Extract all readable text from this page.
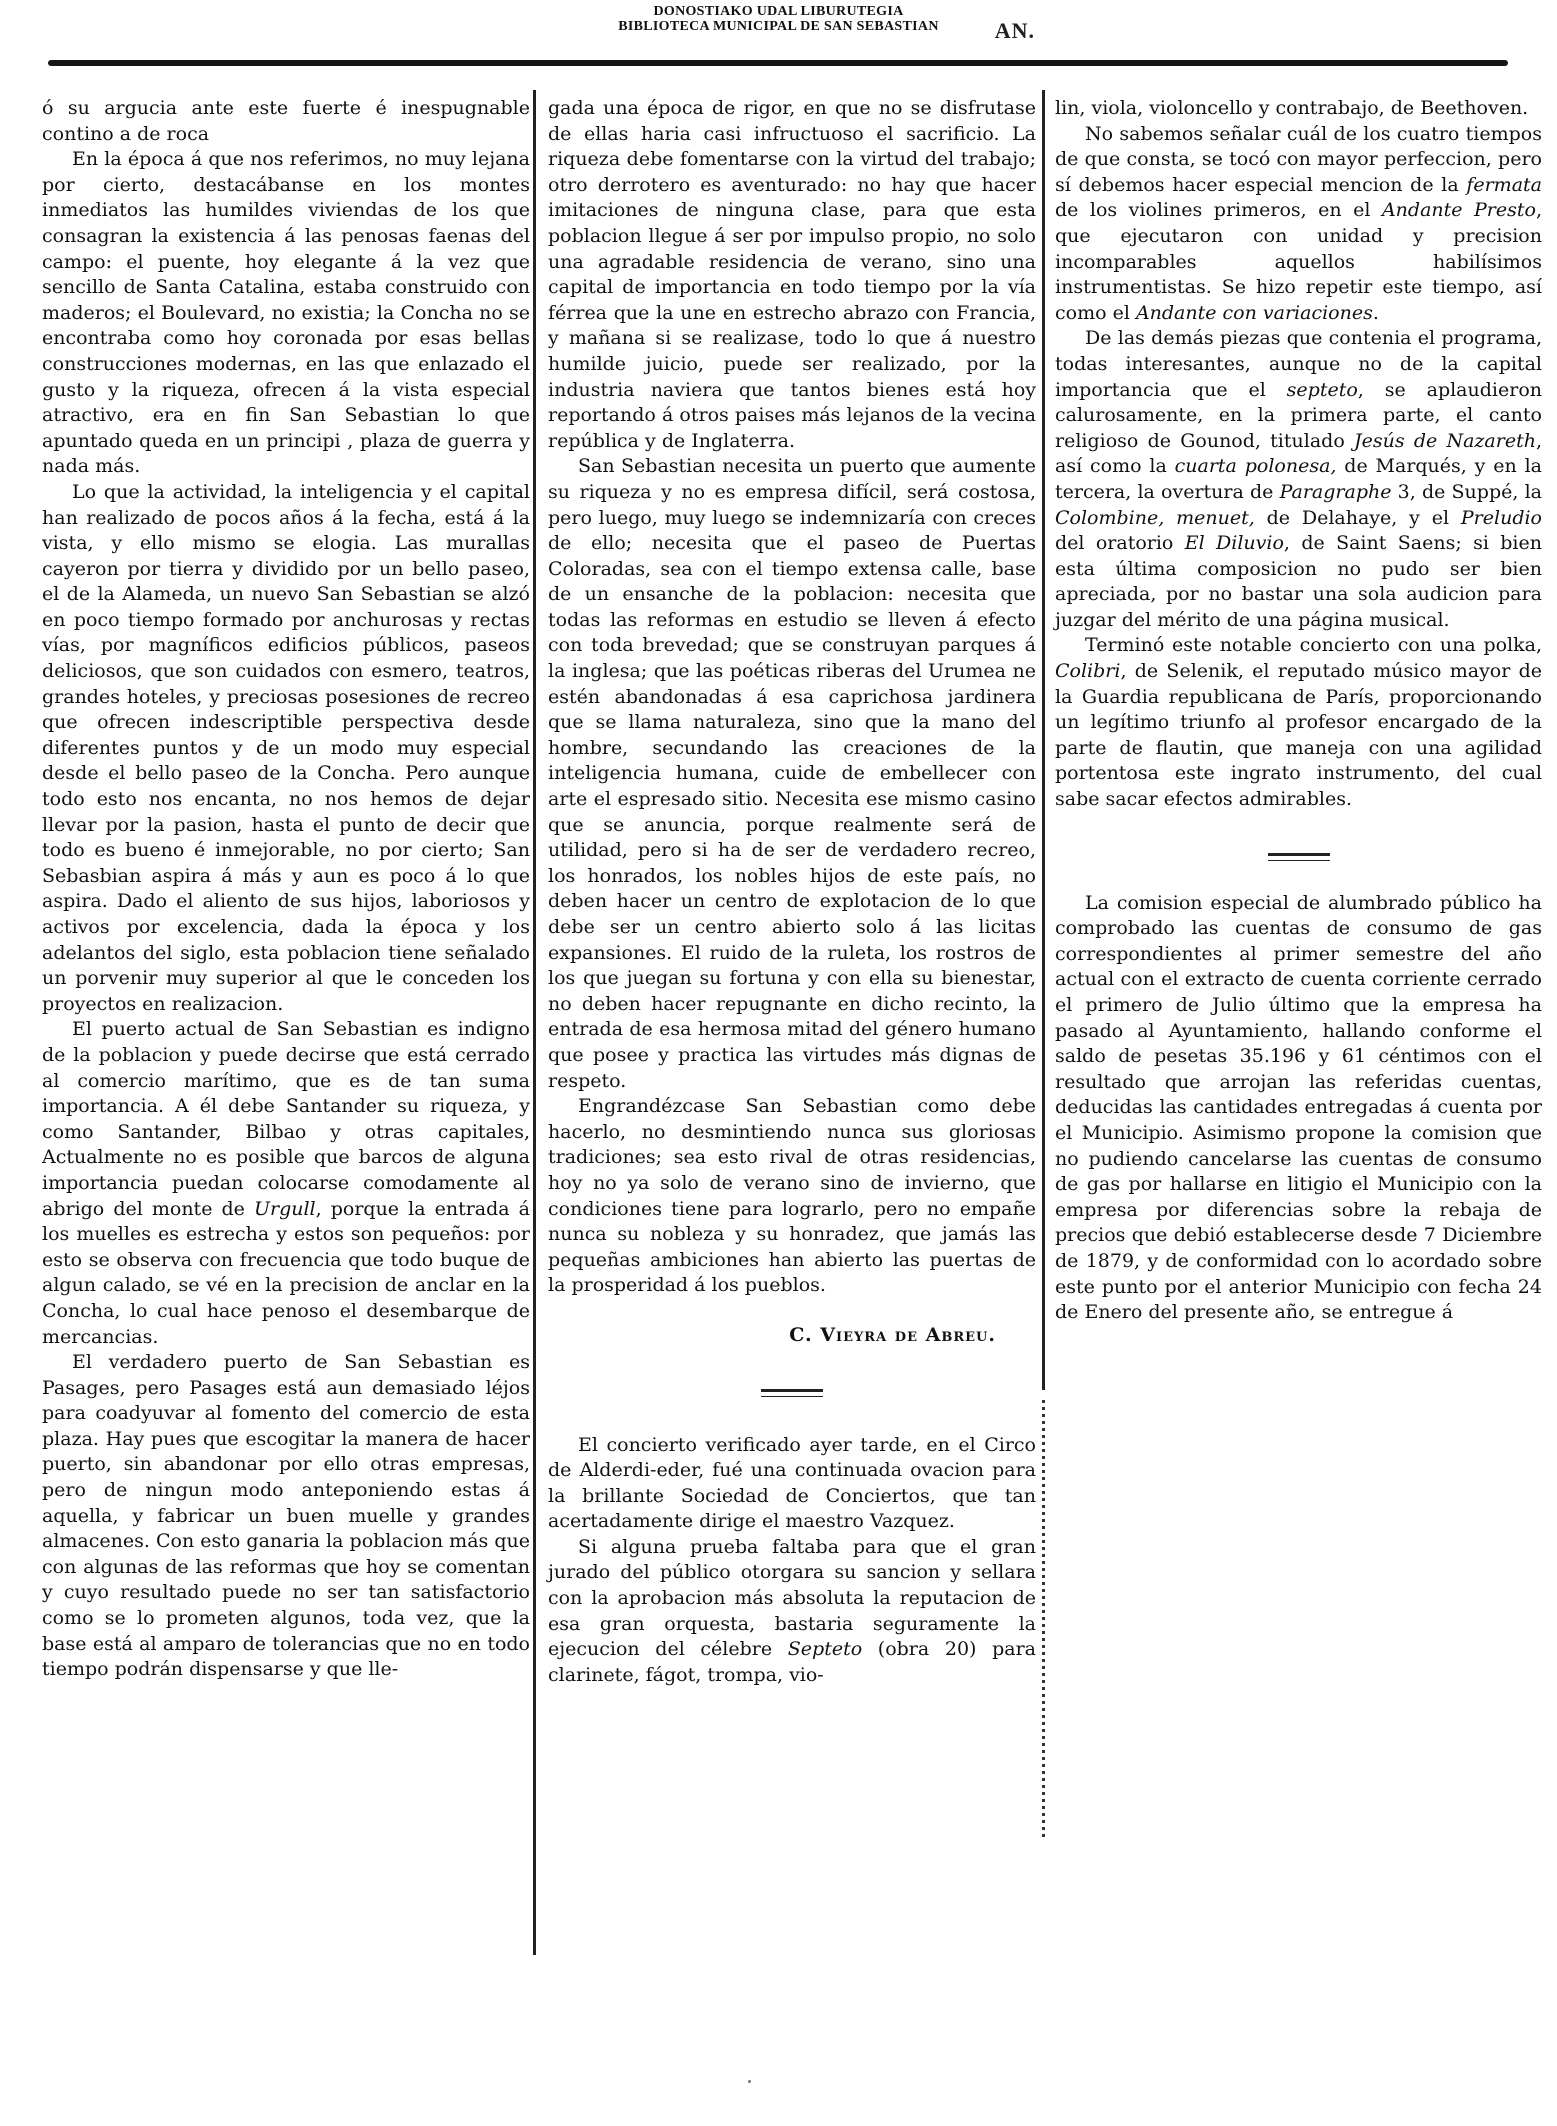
DONOSTIAKO UDAL LIBURUTEGIA
BIBLIOTECA MUNICIPAL DE SAN SEBASTIAN	AN.

ó su argucia ante este fuerte é inespugnable contino a de roca

En la época á que nos referimos, no muy lejana por cierto, destacábanse en los montes inmediatos las humildes viviendas de los que consagran la existencia á las penosas faenas del campo: el puente, hoy elegante á la vez que sencillo de Santa Catalina, estaba construido con maderos; el Boulevard, no existia; la Concha no se encontraba como hoy coronada por esas bellas construcciones modernas, en las que enlazado el gusto y la riqueza, ofrecen á la vista especial atractivo, era en fin San Sebastian lo que apuntado queda en un principi , plaza de guerra y nada más.

Lo que la actividad, la inteligencia y el capital han realizado de pocos años á la fecha, está á la vista, y ello mismo se elogia. Las murallas cayeron por tierra y dividido por un bello paseo, el de la Alameda, un nuevo San Sebastian se alzó en poco tiempo formado por anchurosas y rectas vías, por magníficos edificios públicos, paseos deliciosos, que son cuidados con esmero, teatros, grandes hoteles, y preciosas posesiones de recreo que ofrecen indescriptible perspectiva desde diferentes puntos y de un modo muy especial desde el bello paseo de la Concha. Pero aunque todo esto nos encanta, no nos hemos de dejar llevar por la pasion, hasta el punto de decir que todo es bueno é inmejorable, no por cierto; San Sebasbian aspira á más y aun es poco á lo que aspira. Dado el aliento de sus hijos, laboriosos y activos por excelencia, dada la época y los adelantos del siglo, esta poblacion tiene señalado un porvenir muy superior al que le conceden los proyectos en realizacion.

El puerto actual de San Sebastian es indigno de la poblacion y puede decirse que está cerrado al comercio marítimo, que es de tan suma importancia. A él debe Santander su riqueza, y como Santander, Bilbao y otras capitales, Actualmente no es posible que barcos de alguna importancia puedan colocarse comodamente al abrigo del monte de Urgull, porque la entrada á los muelles es estrecha y estos son pequeños: por esto se observa con frecuencia que todo buque de algun calado, se vé en la precision de anclar en la Concha, lo cual hace penoso el desembarque de mercancias.

El verdadero puerto de San Sebastian es Pasages, pero Pasages está aun demasiado léjos para coadyuvar al fomento del comercio de esta plaza. Hay pues que escogitar la manera de hacer puerto, sin abandonar por ello otras empresas, pero de ningun modo anteponiendo estas á aquella, y fabricar un buen muelle y grandes almacenes. Con esto ganaria la poblacion más que con algunas de las reformas que hoy se comentan y cuyo resultado puede no ser tan satisfactorio como se lo prometen algunos, toda vez, que la base está al amparo de tolerancias que no en todo tiempo podrán dispensarse y que lle-

gada una época de rigor, en que no se disfrutase de ellas haria casi infructuoso el sacrificio. La riqueza debe fomentarse con la virtud del trabajo; otro derrotero es aventurado: no hay que hacer imitaciones de ninguna clase, para que esta poblacion llegue á ser por impulso propio, no solo una agradable residencia de verano, sino una capital de importancia en todo tiempo por la vía férrea que la une en estrecho abrazo con Francia, y mañana si se realizase, todo lo que á nuestro humilde juicio, puede ser realizado, por la industria naviera que tantos bienes está hoy reportando á otros paises más lejanos de la vecina república y de Inglaterra.

San Sebastian necesita un puerto que aumente su riqueza y no es empresa difícil, será costosa, pero luego, muy luego se indemnizaría con creces de ello; necesita que el paseo de Puertas Coloradas, sea con el tiempo extensa calle, base de un ensanche de la poblacion: necesita que todas las reformas en estudio se lleven á efecto con toda brevedad; que se construyan parques á la inglesa; que las poéticas riberas del Urumea ne estén abandonadas á esa caprichosa jardinera que se llama naturaleza, sino que la mano del hombre, secundando las creaciones de la inteligencia humana, cuide de embellecer con arte el espresado sitio. Necesita ese mismo casino que se anuncia, porque realmente será de utilidad, pero si ha de ser de verdadero recreo, los honrados, los nobles hijos de este país, no deben hacer un centro de explotacion de lo que debe ser un centro abierto solo á las licitas expansiones. El ruido de la ruleta, los rostros de los que juegan su fortuna y con ella su bienestar, no deben hacer repugnante en dicho recinto, la entrada de esa hermosa mitad del género humano que posee y practica las virtudes más dignas de respeto.

Engrandézcase San Sebastian como debe hacerlo, no desmintiendo nunca sus gloriosas tradiciones; sea esto rival de otras residencias, hoy no ya solo de verano sino de invierno, que condiciones tiene para lograrlo, pero no empañe nunca su nobleza y su honradez, que jamás las pequeñas ambiciones han abierto las puertas de la prosperidad á los pueblos.

C. Vieyra de Abreu.

El concierto verificado ayer tarde, en el Circo de Alderdi-eder, fué una continuada ovacion para la brillante Sociedad de Conciertos, que tan acertadamente dirige el maestro Vazquez.

Si alguna prueba faltaba para que el gran jurado del público otorgara su sancion y sellara con la aprobacion más absoluta la reputacion de esa gran orquesta, bastaria seguramente la ejecucion del célebre Septeto (obra 20) para clarinete, fágot, trompa, vio-

lin, viola, violoncello y contrabajo, de Beethoven.

No sabemos señalar cuál de los cuatro tiempos de que consta, se tocó con mayor perfeccion, pero sí debemos hacer especial mencion de la fermata de los violines primeros, en el Andante Presto, que ejecutaron con unidad y precision incomparables aquellos habilísimos instrumentistas. Se hizo repetir este tiempo, así como el Andante con variaciones.

De las demás piezas que contenia el programa, todas interesantes, aunque no de la capital importancia que el septeto, se aplaudieron calurosamente, en la primera parte, el canto religioso de Gounod, titulado Jesús de Nazareth, así como la cuarta polonesa, de Marqués, y en la tercera, la overtura de Paragraphe 3, de Suppé, la Colombine, menuet, de Delahaye, y el Preludio del oratorio El Diluvio, de Saint Saens; si bien esta última composicion no pudo ser bien apreciada, por no bastar una sola audicion para juzgar del mérito de una página musical.

Terminó este notable concierto con una polka, Colibri, de Selenik, el reputado músico mayor de la Guardia republicana de París, proporcionando un legítimo triunfo al profesor encargado de la parte de flautin, que maneja con una agilidad portentosa este ingrato instrumento, del cual sabe sacar efectos admirables.

La comision especial de alumbrado público ha comprobado las cuentas de consumo de gas correspondientes al primer semestre del año actual con el extracto de cuenta corriente cerrado el primero de Julio último que la empresa ha pasado al Ayuntamiento, hallando conforme el saldo de pesetas 35.196 y 61 céntimos con el resultado que arrojan las referidas cuentas, deducidas las cantidades entregadas á cuenta por el Municipio. Asimismo propone la comision que no pudiendo cancelarse las cuentas de consumo de gas por hallarse en litigio el Municipio con la empresa por diferencias sobre la rebaja de precios que debió establecerse desde 7 Diciembre de 1879, y de conformidad con lo acordado sobre este punto por el anterior Municipio con fecha 24 de Enero del presente año, se entregue á
